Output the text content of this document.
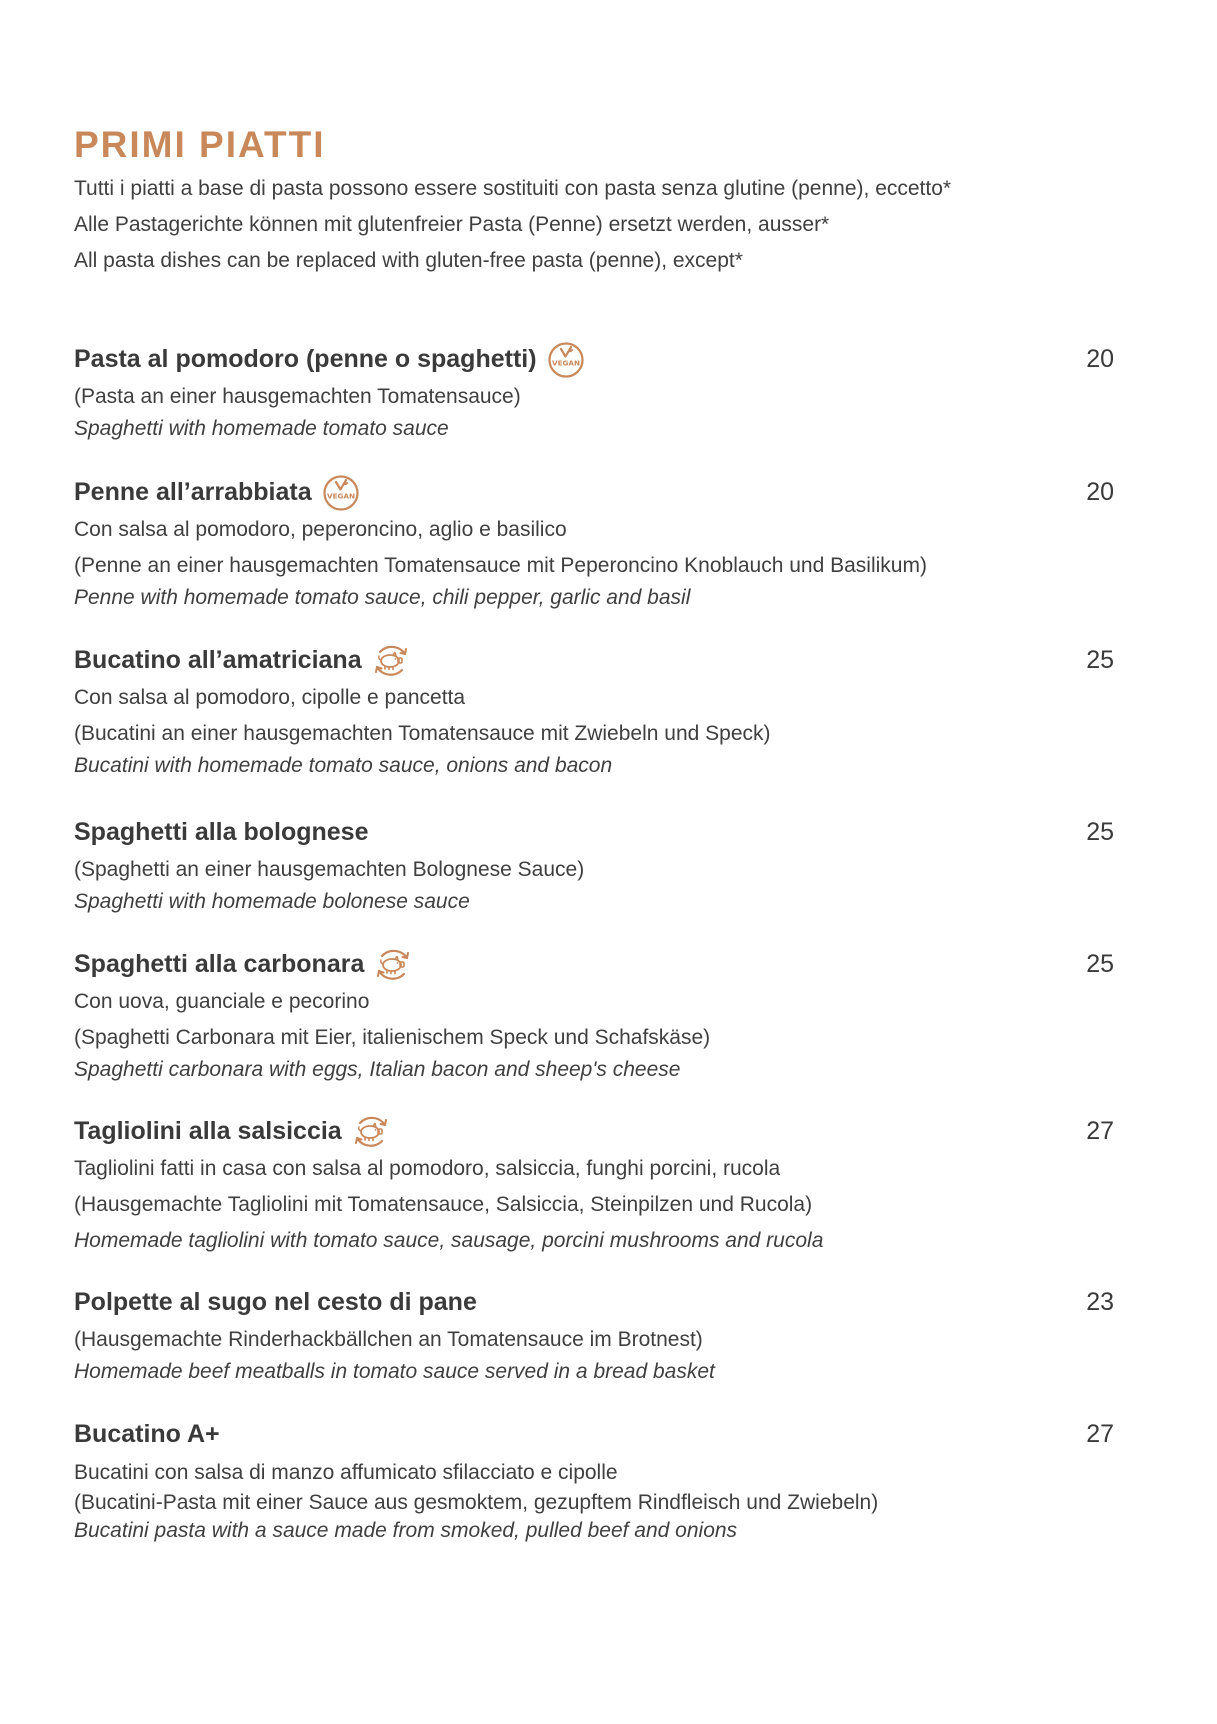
PRIMI PIATTI
Tutti i piatti a base di pasta possono essere sostituiti con pasta senza glutine (penne), eccetto*
Alle Pastagerichte können mit glutenfreier Pasta (Penne) ersetzt werden, ausser*
All pasta dishes can be replaced with gluten-free pasta (penne), except*
Pasta al pomodoro (penne o spaghetti) VEGAN	20
(Pasta an einer hausgemachten Tomatensauce)
Spaghetti with homemade tomato sauce
Penne all’arrabbiata VEGAN	20
Con salsa al pomodoro, peperoncino, aglio e basilico
(Penne an einer hausgemachten Tomatensauce mit Peperoncino Knoblauch und Basilikum)
Penne with homemade tomato sauce, chili pepper, garlic and basil
Bucatino all’amatriciana	25
Con salsa al pomodoro, cipolle e pancetta
(Bucatini an einer hausgemachten Tomatensauce mit Zwiebeln und Speck)
Bucatini with homemade tomato sauce, onions and bacon
Spaghetti alla bolognese	25
(Spaghetti an einer hausgemachten Bolognese Sauce)
Spaghetti with homemade bolonese sauce
Spaghetti alla carbonara	25
Con uova, guanciale e pecorino
(Spaghetti Carbonara mit Eier, italienischem Speck und Schafskäse)
Spaghetti carbonara with eggs, Italian bacon and sheep's cheese
Tagliolini alla salsiccia	27
Tagliolini fatti in casa con salsa al pomodoro, salsiccia, funghi porcini, rucola
(Hausgemachte Tagliolini mit Tomatensauce, Salsiccia, Steinpilzen und Rucola)
Homemade tagliolini with tomato sauce, sausage, porcini mushrooms and rucola
Polpette al sugo nel cesto di pane	23
(Hausgemachte Rinderhackbällchen an Tomatensauce im Brotnest)
Homemade beef meatballs in tomato sauce served in a bread basket
Bucatino A+	27
Bucatini con salsa di manzo affumicato sfilacciato e cipolle
(Bucatini-Pasta mit einer Sauce aus gesmoktem, gezupftem Rindfleisch und Zwiebeln)
Bucatini pasta with a sauce made from smoked, pulled beef and onions
